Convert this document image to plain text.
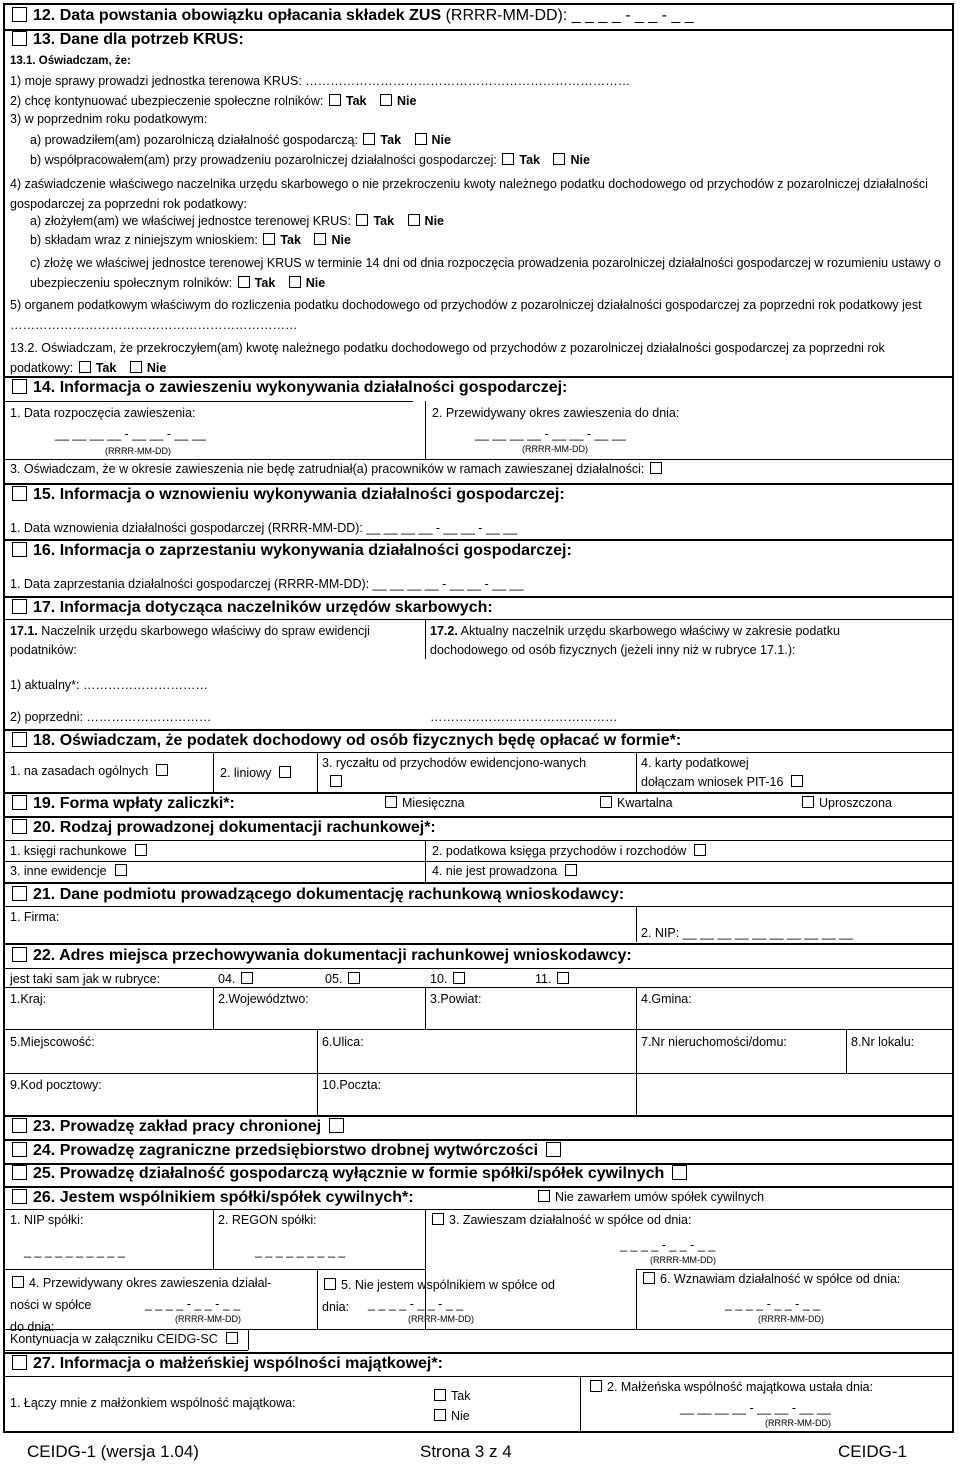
12. Data powstania obowiązku opłacania składek ZUS (RRRR-MM-DD): _ _ _ _ - _ _ - _ _
13. Dane dla potrzeb KRUS:
13.1. Oświadczam, że:
1) moje sprawy prowadzi jednostka terenowa KRUS: ……………………………………………………………………
2) chcę kontynuować ubezpieczenie społeczne rolników: Tak Nie
3) w poprzednim roku podatkowym:
a) prowadziłem(am) pozarolniczą działalność gospodarczą: Tak Nie
b) współpracowałem(am) przy prowadzeniu pozarolniczej działalności gospodarczej: Tak Nie
4) zaświadczenie właściwego naczelnika urzędu skarbowego o nie przekroczeniu kwoty należnego podatku dochodowego od przychodów z pozarolniczej działalności gospodarczej za poprzedni rok podatkowy:
a) złożyłem(am) we właściwej jednostce terenowej KRUS: Tak Nie
b) składam wraz z niniejszym wnioskiem: Tak Nie
c) złożę we właściwej jednostce terenowej KRUS w terminie 14 dni od dnia rozpoczęcia prowadzenia pozarolniczej działalności gospodarczej w rozumieniu ustawy o ubezpieczeniu społecznym rolników: Tak Nie
5) organem podatkowym właściwym do rozliczenia podatku dochodowego od przychodów z pozarolniczej działalności gospodarczej za poprzedni rok podatkowy jest ……………………………………………………………
13.2. Oświadczam, że przekroczyłem(am) kwotę należnego podatku dochodowego od przychodów z pozarolniczej działalności gospodarczej za poprzedni rok podatkowy: Tak Nie
14. Informacja o zawieszeniu wykonywania działalności gospodarczej:
1. Data rozpoczęcia zawieszenia:
__ __ __ __ - __ __ - __ __
(RRRR-MM-DD)
2. Przewidywany okres zawieszenia do dnia:
__ __ __ __ - __ __ - __ __
(RRRR-MM-DD)
3. Oświadczam, że w okresie zawieszenia nie będę zatrudniał(a) pracowników w ramach zawieszanej działalności:
15. Informacja o wznowieniu wykonywania działalności gospodarczej:
1. Data wznowienia działalności gospodarczej (RRRR-MM-DD): __ __ __ __ - __ __ - __ __
16. Informacja o zaprzestaniu wykonywania działalności gospodarczej:
1. Data zaprzestania działalności gospodarczej (RRRR-MM-DD): __ __ __ __ - __ __ - __ __
17. Informacja dotycząca naczelników urzędów skarbowych:
17.1. Naczelnik urzędu skarbowego właściwy do spraw ewidencji podatników:
17.2. Aktualny naczelnik urzędu skarbowego właściwy w zakresie podatku dochodowego od osób fizycznych (jeżeli inny niż w rubryce 17.1.):
1) aktualny*: …………………………
2) poprzedni: …………………………	………………………………………
18. Oświadczam, że podatek dochodowy od osób fizycznych będę opłacać w formie*:
1. na zasadach ogólnych	2. liniowy
3. ryczałtu od przychodów ewidencjono-wanych	4. karty podatkowej
dołączam wniosek PIT-16
19. Forma wpłaty zaliczki*:	Miesięczna	Kwartalna	Uproszczona
20. Rodzaj prowadzonej dokumentacji rachunkowej*:
1. księgi rachunkowe	2. podatkowa księga przychodów i rozchodów
3. inne ewidencje	4. nie jest prowadzona
21. Dane podmiotu prowadzącego dokumentację rachunkową wnioskodawcy:
1. Firma:
2. NIP: __ __ __ __ __ __ __ __ __ __
22. Adres miejsca przechowywania dokumentacji rachunkowej wnioskodawcy:
jest taki sam jak w rubryce:	04.	05.	10.	11.
1.Kraj:	2.Województwo:	3.Powiat:	4.Gmina:
5.Miejscowość:	6.Ulica:	7.Nr nieruchomości/domu:	8.Nr lokalu:
9.Kod pocztowy:	10.Poczta:
23. Prowadzę zakład pracy chronionej
24. Prowadzę zagraniczne przedsiębiorstwo drobnej wytwórczości
25. Prowadzę działalność gospodarczą wyłącznie w formie spółki/spółek cywilnych
26. Jestem wspólnikiem spółki/spółek cywilnych*:	Nie zawarłem umów spółek cywilnych
1. NIP spółki:
_ _ _ _ _ _ _ _ _ _
2. REGON spółki:
_ _ _ _ _ _ _ _ _
3. Zawieszam działalność w spółce od dnia:
_ _ _ _ - _ _ - _ _
(RRRR-MM-DD)
4. Przewidywany okres zawieszenia działal-
ności w spółce
do dnia:
_ _ _ _ - _ _ - _ _
(RRRR-MM-DD)
5. Nie jestem wspólnikiem w spółce od
dnia:	_ _ _ _ - _ _ - _ _
(RRRR-MM-DD)
6. Wznawiam działalność w spółce od dnia:
_ _ _ _ - _ _ - _ _
(RRRR-MM-DD)
Kontynuacja w załączniku CEIDG-SC
27. Informacja o małżeńskiej wspólności majątkowej*:
1. Łączy mnie z małżonkiem wspólność majątkowa:	Tak
Nie
2. Małżeńska wspólność majątkowa ustała dnia:
__ __ __ __ - __ __ - __ __
(RRRR-MM-DD)
CEIDG-1 (wersja 1.04)	Strona 3 z 4	CEIDG-1
